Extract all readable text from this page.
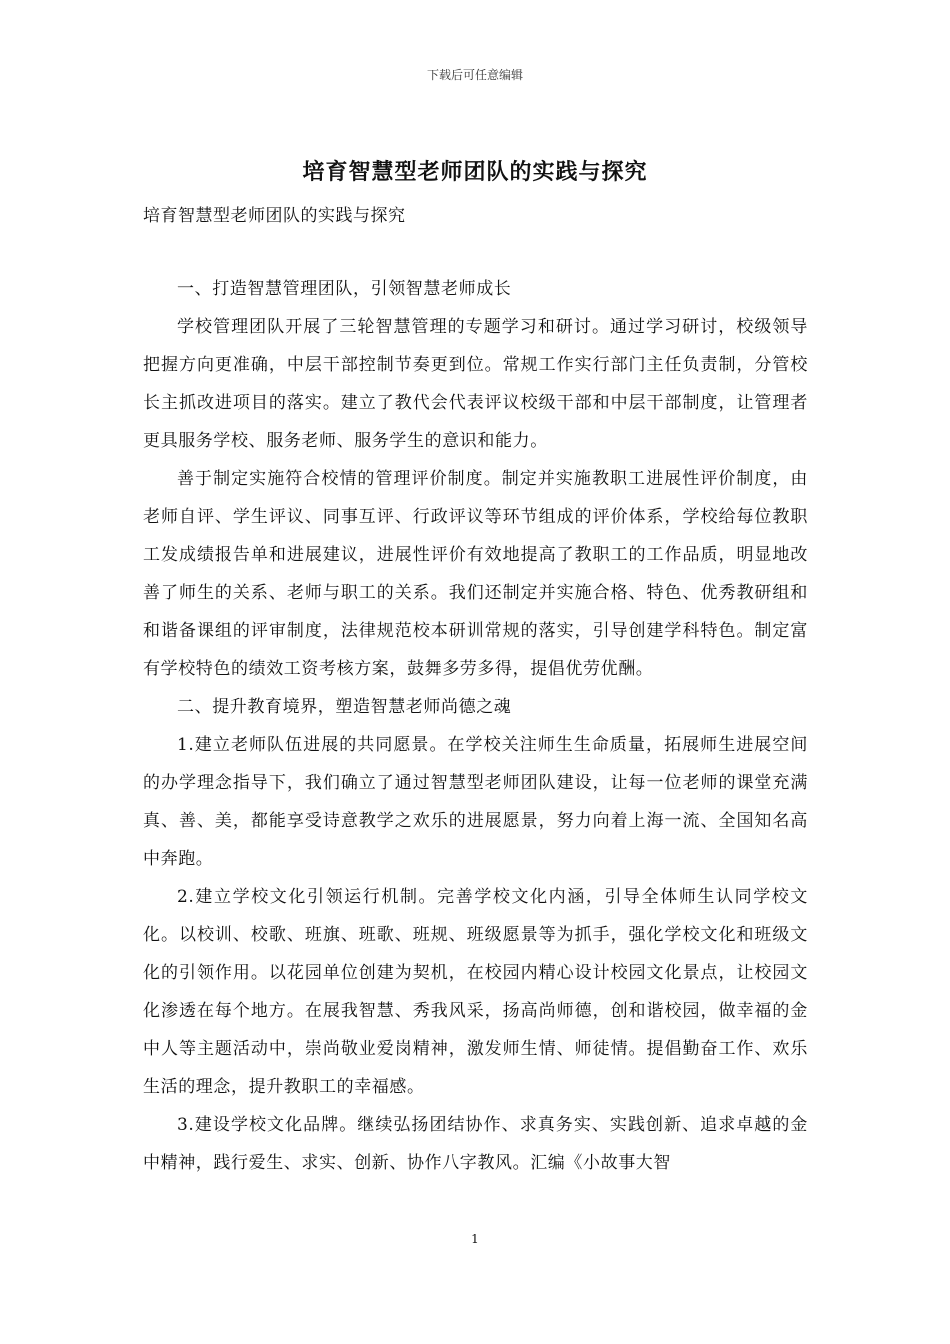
下载后可任意编辑
培育智慧型老师团队的实践与探究
培育智慧型老师团队的实践与探究

一、打造智慧管理团队，引领智慧老师成长

学校管理团队开展了三轮智慧管理的专题学习和研讨。通过学习研讨，校级领导把握方向更准确，中层干部控制节奏更到位。常规工作实行部门主任负责制，分管校长主抓改进项目的落实。建立了教代会代表评议校级干部和中层干部制度，让管理者更具服务学校、服务老师、服务学生的意识和能力。

善于制定实施符合校情的管理评价制度。制定并实施教职工进展性评价制度，由老师自评、学生评议、同事互评、行政评议等环节组成的评价体系，学校给每位教职工发成绩报告单和进展建议，进展性评价有效地提高了教职工的工作品质，明显地改善了师生的关系、老师与职工的关系。我们还制定并实施合格、特色、优秀教研组和和谐备课组的评审制度，法律规范校本研训常规的落实，引导创建学科特色。制定富有学校特色的绩效工资考核方案，鼓舞多劳多得，提倡优劳优酬。

二、提升教育境界，塑造智慧老师尚德之魂

1.建立老师队伍进展的共同愿景。在学校关注师生生命质量，拓展师生进展空间的办学理念指导下，我们确立了通过智慧型老师团队建设，让每一位老师的课堂充满真、善、美，都能享受诗意教学之欢乐的进展愿景，努力向着上海一流、全国知名高中奔跑。

2.建立学校文化引领运行机制。完善学校文化内涵，引导全体师生认同学校文化。以校训、校歌、班旗、班歌、班规、班级愿景等为抓手，强化学校文化和班级文化的引领作用。以花园单位创建为契机，在校园内精心设计校园文化景点，让校园文化渗透在每个地方。在展我智慧、秀我风采，扬高尚师德，创和谐校园，做幸福的金中人等主题活动中，崇尚敬业爱岗精神，激发师生情、师徒情。提倡勤奋工作、欢乐生活的理念，提升教职工的幸福感。

3.建设学校文化品牌。继续弘扬团结协作、求真务实、实践创新、追求卓越的金中精神，践行爱生、求实、创新、协作八字教风。汇编《小故事大智

1
